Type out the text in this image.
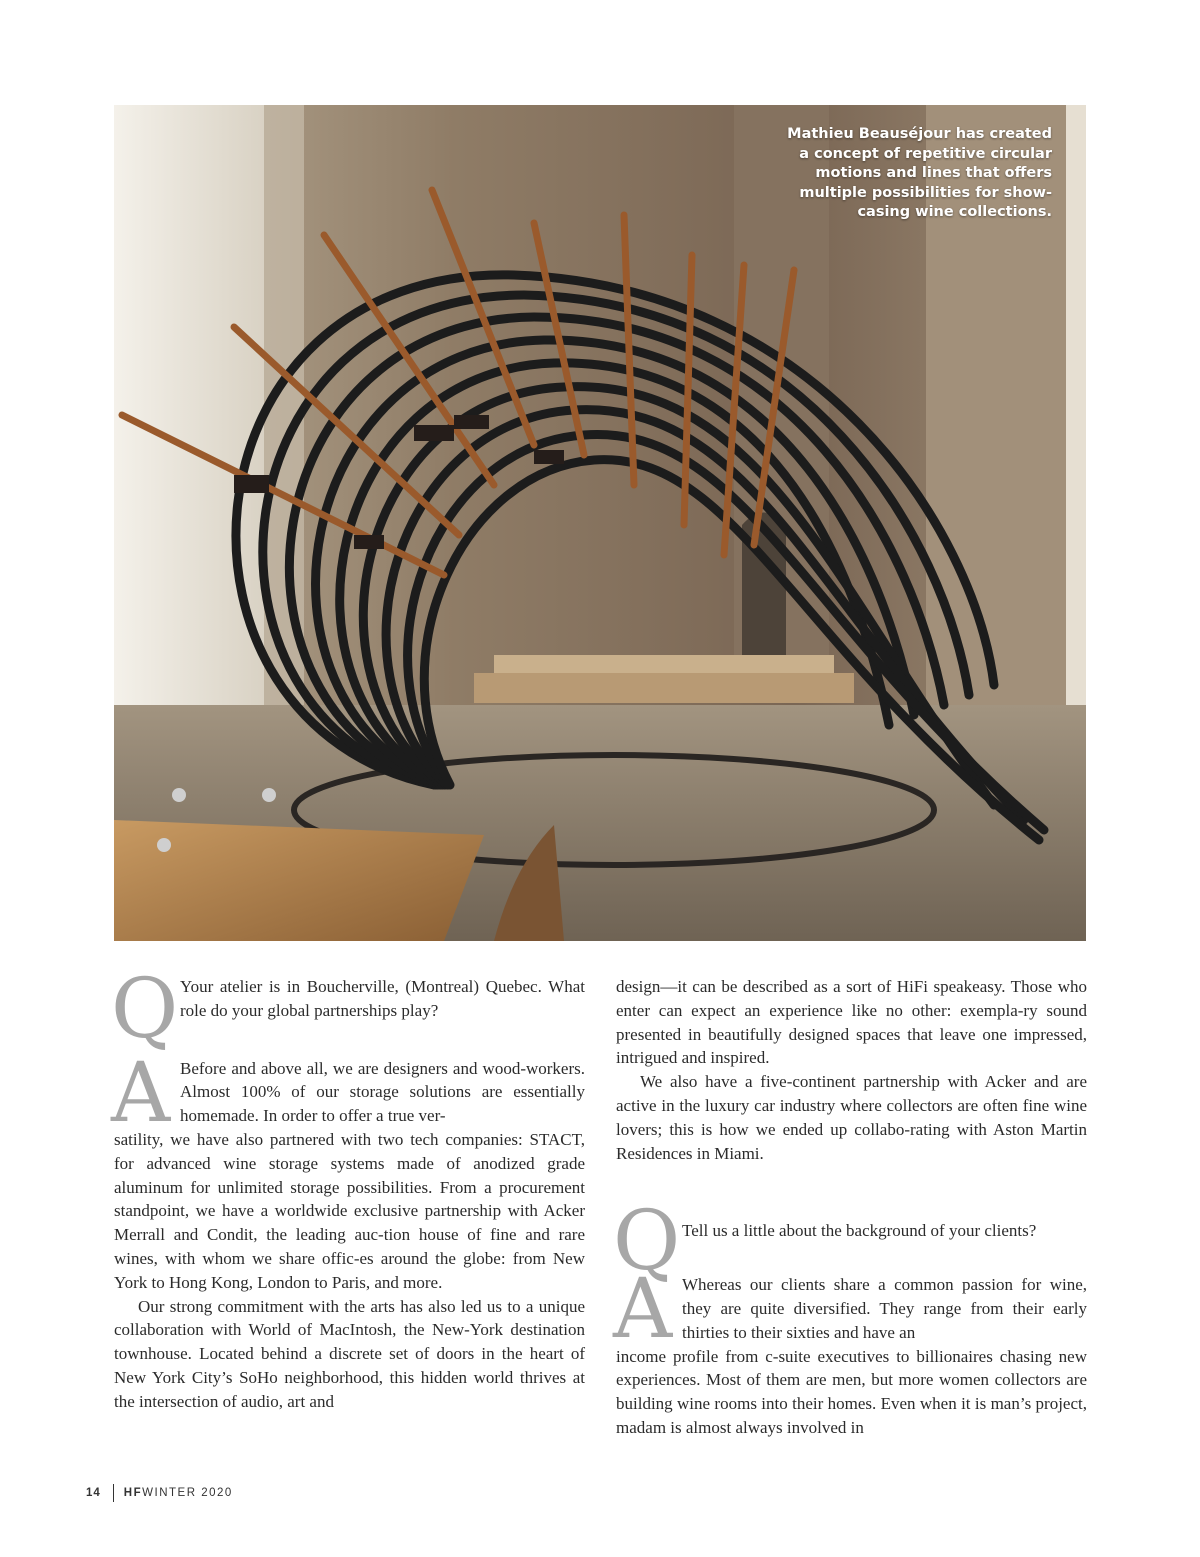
Mathieu Beauséjour has created a concept of repetitive circular motions and lines that offers multiple possibilities for show-casing wine collections.
Q Your atelier is in Boucherville, (Montreal) Quebec. What role do your global partnerships play?

A Before and above all, we are designers and wood-workers. Almost 100% of our storage solutions are essentially homemade. In order to offer a true ver-

satility, we have also partnered with two tech companies: STACT, for advanced wine storage systems made of anodized grade aluminum for unlimited storage possibilities. From a procurement standpoint, we have a worldwide exclusive partnership with Acker Merrall and Condit, the leading auc-tion house of fine and rare wines, with whom we share offic-es around the globe: from New York to Hong Kong, London to Paris, and more.

Our strong commitment with the arts has also led us to a unique collaboration with World of MacIntosh, the New-York destination townhouse. Located behind a discrete set of doors in the heart of New York City’s SoHo neighborhood, this hidden world thrives at the intersection of audio, art and

design—it can be described as a sort of HiFi speakeasy. Those who enter can expect an experience like no other: exempla-ry sound presented in beautifully designed spaces that leave one impressed, intrigued and inspired.

We also have a five-continent partnership with Acker and are active in the luxury car industry where collectors are often fine wine lovers; this is how we ended up collabo-rating with Aston Martin Residences in Miami.

Q Tell us a little about the background of your clients?

A Whereas our clients share a common passion for wine, they are quite diversified. They range from their early thirties to their sixties and have an

income profile from c-suite executives to billionaires chasing new experiences. Most of them are men, but more women collectors are building wine rooms into their homes. Even when it is man’s project, madam is almost always involved in

14 HF WINTER 2020
